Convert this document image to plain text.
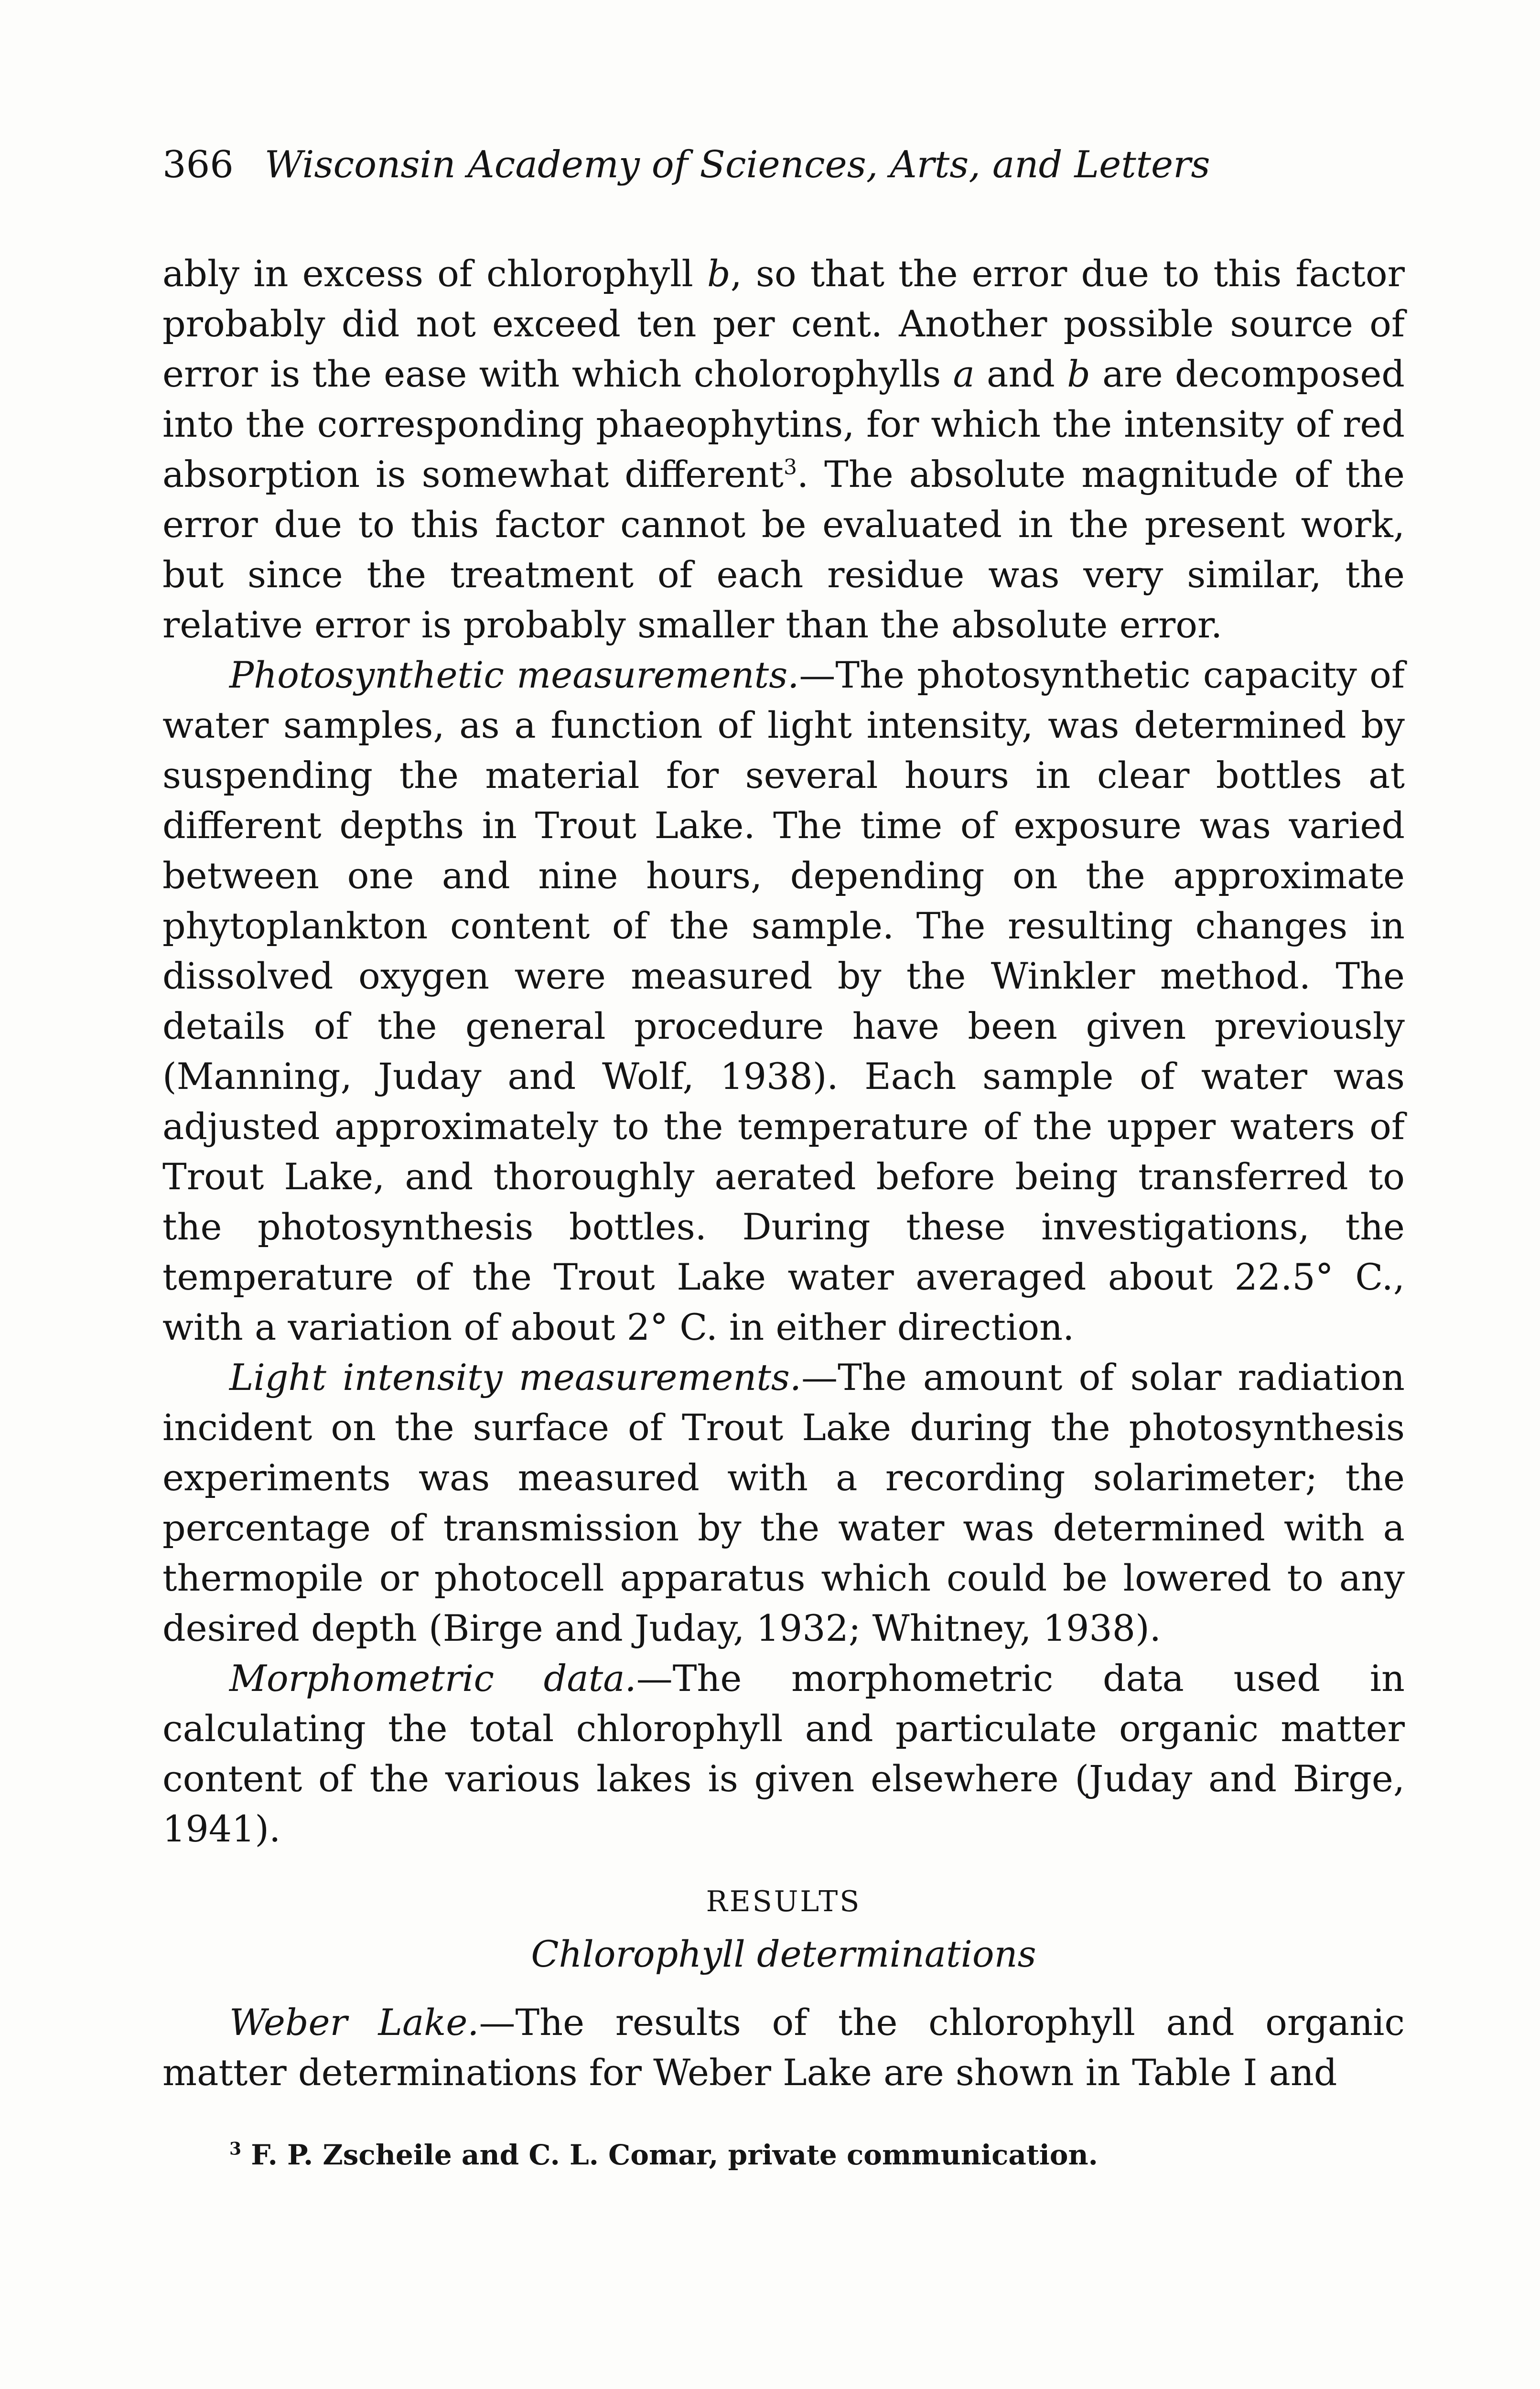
366 Wisconsin Academy of Sciences, Arts, and Letters

ably in excess of chlorophyll b, so that the error due to this factor probably did not exceed ten per cent. Another possible source of error is the ease with which cholorophylls a and b are decomposed into the corresponding phaeophytins, for which the intensity of red absorption is somewhat different$^3$. The absolute magnitude of the error due to this factor cannot be evaluated in the present work, but since the treatment of each residue was very similar, the relative error is probably smaller than the absolute error.

Photosynthetic measurements.—The photosynthetic capacity of water samples, as a function of light intensity, was determined by suspending the material for several hours in clear bottles at different depths in Trout Lake. The time of exposure was varied between one and nine hours, depending on the approximate phytoplankton content of the sample. The resulting changes in dissolved oxygen were measured by the Winkler method. The details of the general procedure have been given previously (Manning, Juday and Wolf, 1938). Each sample of water was adjusted approximately to the temperature of the upper waters of Trout Lake, and thoroughly aerated before being transferred to the photosynthesis bottles. During these investigations, the temperature of the Trout Lake water averaged about 22.5° C., with a variation of about 2° C. in either direction.

Light intensity measurements.—The amount of solar radiation incident on the surface of Trout Lake during the photosynthesis experiments was measured with a recording solarimeter; the percentage of transmission by the water was determined with a thermopile or photocell apparatus which could be lowered to any desired depth (Birge and Juday, 1932; Whitney, 1938).

Morphometric data.—The morphometric data used in calculating the total chlorophyll and particulate organic matter content of the various lakes is given elsewhere (Juday and Birge, 1941).

RESULTS
Chlorophyll determinations

Weber Lake.—The results of the chlorophyll and organic matter determinations for Weber Lake are shown in Table I and

$^3$ F. P. Zscheile and C. L. Comar, private communication.
